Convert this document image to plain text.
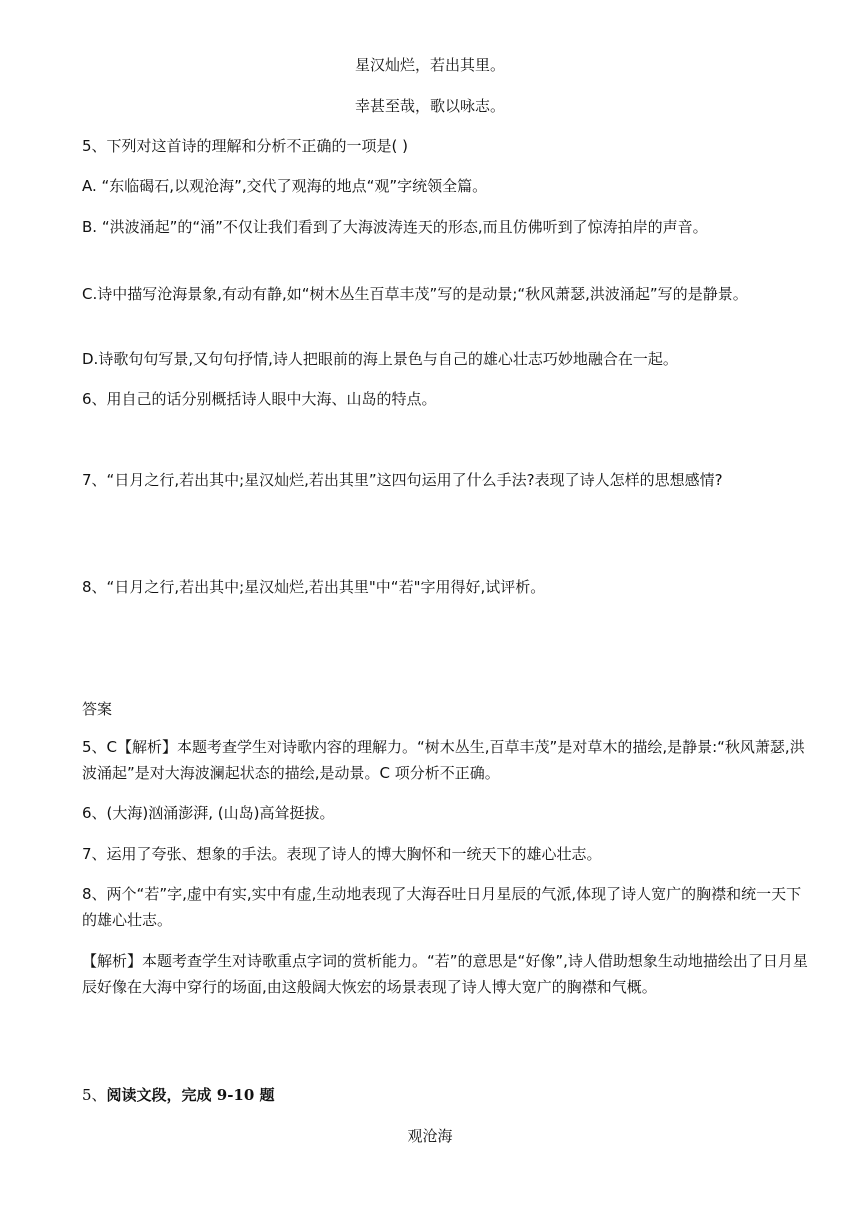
星汉灿烂，若出其里。
幸甚至哉，歌以咏志。
5、下列对这首诗的理解和分析不正确的一项是( )
A. “东临碣石,以观沧海”,交代了观海的地点“观”字统领全篇。
B. “洪波涌起”的“涌”不仅让我们看到了大海波涛连天的形态,而且仿佛听到了惊涛拍岸的声音。
C.诗中描写沧海景象,有动有静,如“树木丛生百草丰茂”写的是动景;“秋风萧瑟,洪波涌起”写的是静景。
D.诗歌句句写景,又句句抒情,诗人把眼前的海上景色与自己的雄心壮志巧妙地融合在一起。
6、用自己的话分别概括诗人眼中大海、山岛的特点。
7、“日月之行,若出其中;星汉灿烂,若出其里”这四句运用了什么手法?表现了诗人怎样的思想感情?
8、“日月之行,若出其中;星汉灿烂,若出其里"中“若"字用得好,试评析。
答案
5、C【解析】本题考查学生对诗歌内容的理解力。“树木丛生,百草丰茂”是对草木的描绘,是静景:“秋风萧瑟,洪波涌起”是对大海波澜起状态的描绘,是动景。C 项分析不正确。
6、(大海)汹涌澎湃, (山岛)高耸挺拔。
7、运用了夸张、想象的手法。表现了诗人的博大胸怀和一统天下的雄心壮志。
8、两个“若”字,虚中有实,实中有虚,生动地表现了大海吞吐日月星辰的气派,体现了诗人宽广的胸襟和统一天下的雄心壮志。
【解析】本题考查学生对诗歌重点字词的赏析能力。“若”的意思是“好像”,诗人借助想象生动地描绘出了日月星辰好像在大海中穿行的场面,由这般阔大恢宏的场景表现了诗人博大宽广的胸襟和气概。
5、阅读文段，完成 9-10 题
观沧海
